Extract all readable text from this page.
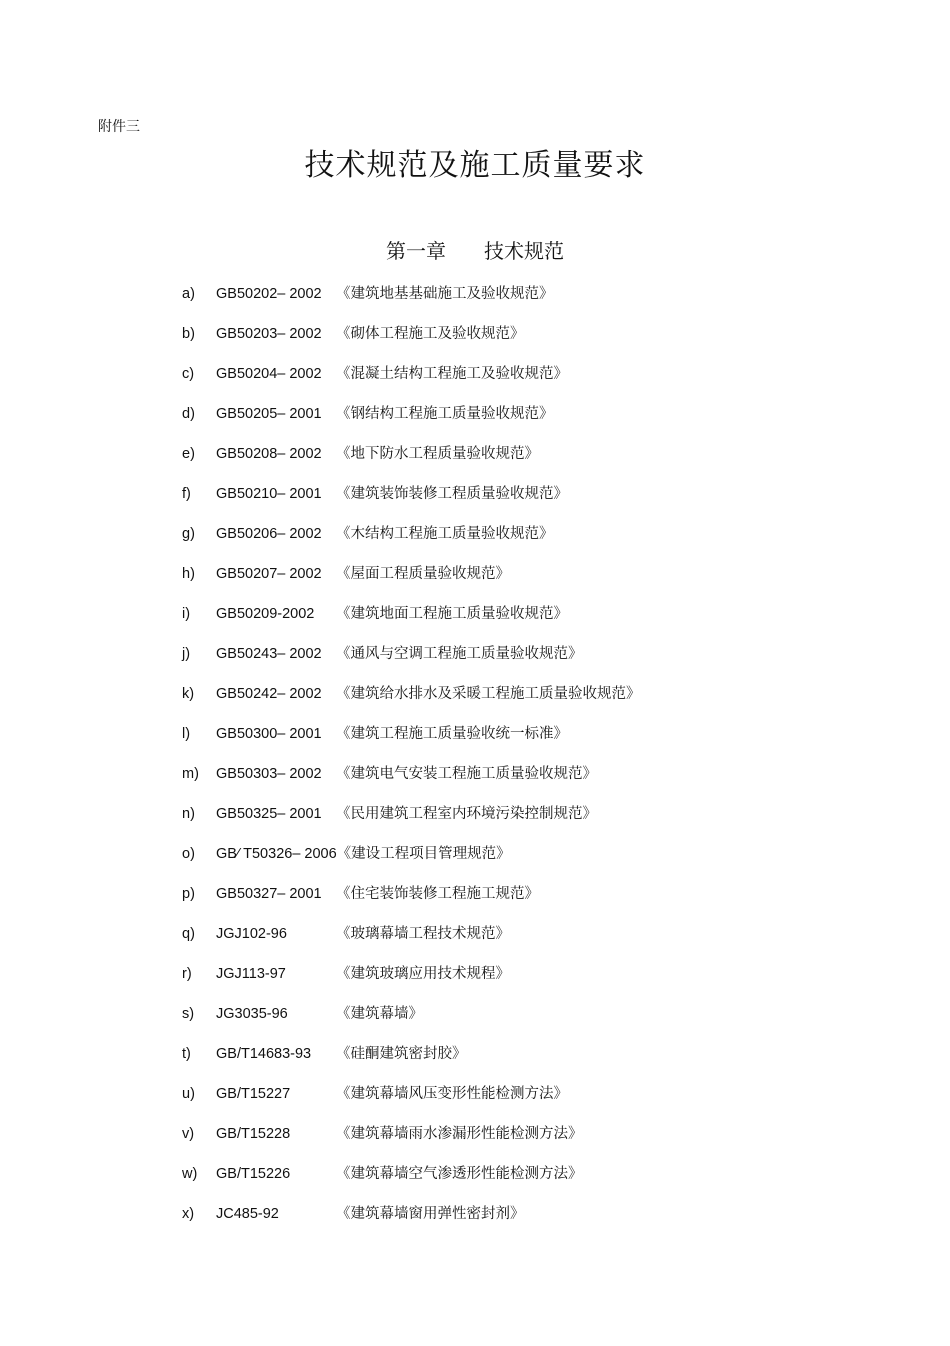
附件三
技术规范及施工质量要求
第一章 技术规范
a) GB50202– 2002 《建筑地基基础施工及验收规范》
b) GB50203– 2002 《砌体工程施工及验收规范》
c) GB50204– 2002 《混凝土结构工程施工及验收规范》
d) GB50205– 2001 《钢结构工程施工质量验收规范》
e) GB50208– 2002 《地下防水工程质量验收规范》
f) GB50210– 2001 《建筑装饰装修工程质量验收规范》
g) GB50206– 2002 《木结构工程施工质量验收规范》
h) GB50207– 2002 《屋面工程质量验收规范》
i) GB50209-2002 《建筑地面工程施工质量验收规范》
j) GB50243– 2002 《通风与空调工程施工质量验收规范》
k) GB50242– 2002 《建筑给水排水及采暖工程施工质量验收规范》
l) GB50300– 2001 《建筑工程施工质量验收统一标准》
m) GB50303– 2002 《建筑电气安装工程施工质量验收规范》
n) GB50325– 2001 《民用建筑工程室内环境污染控制规范》
o) GB∕ T50326– 2006《建设工程项目管理规范》
p) GB50327– 2001 《住宅装饰装修工程施工规范》
q) JGJ102-96	《玻璃幕墙工程技术规范》
r) JGJ113-97	《建筑玻璃应用技术规程》
s) JG3035-96	《建筑幕墙》
t) GB/T14683-93 《硅酮建筑密封胶》
u) GB/T15227	《建筑幕墙风压变形性能检测方法》
v) GB/T15228	《建筑幕墙雨水渗漏形性能检测方法》
w) GB/T15226	《建筑幕墙空气渗透形性能检测方法》
x) JC485-92	《建筑幕墙窗用弹性密封剂》
